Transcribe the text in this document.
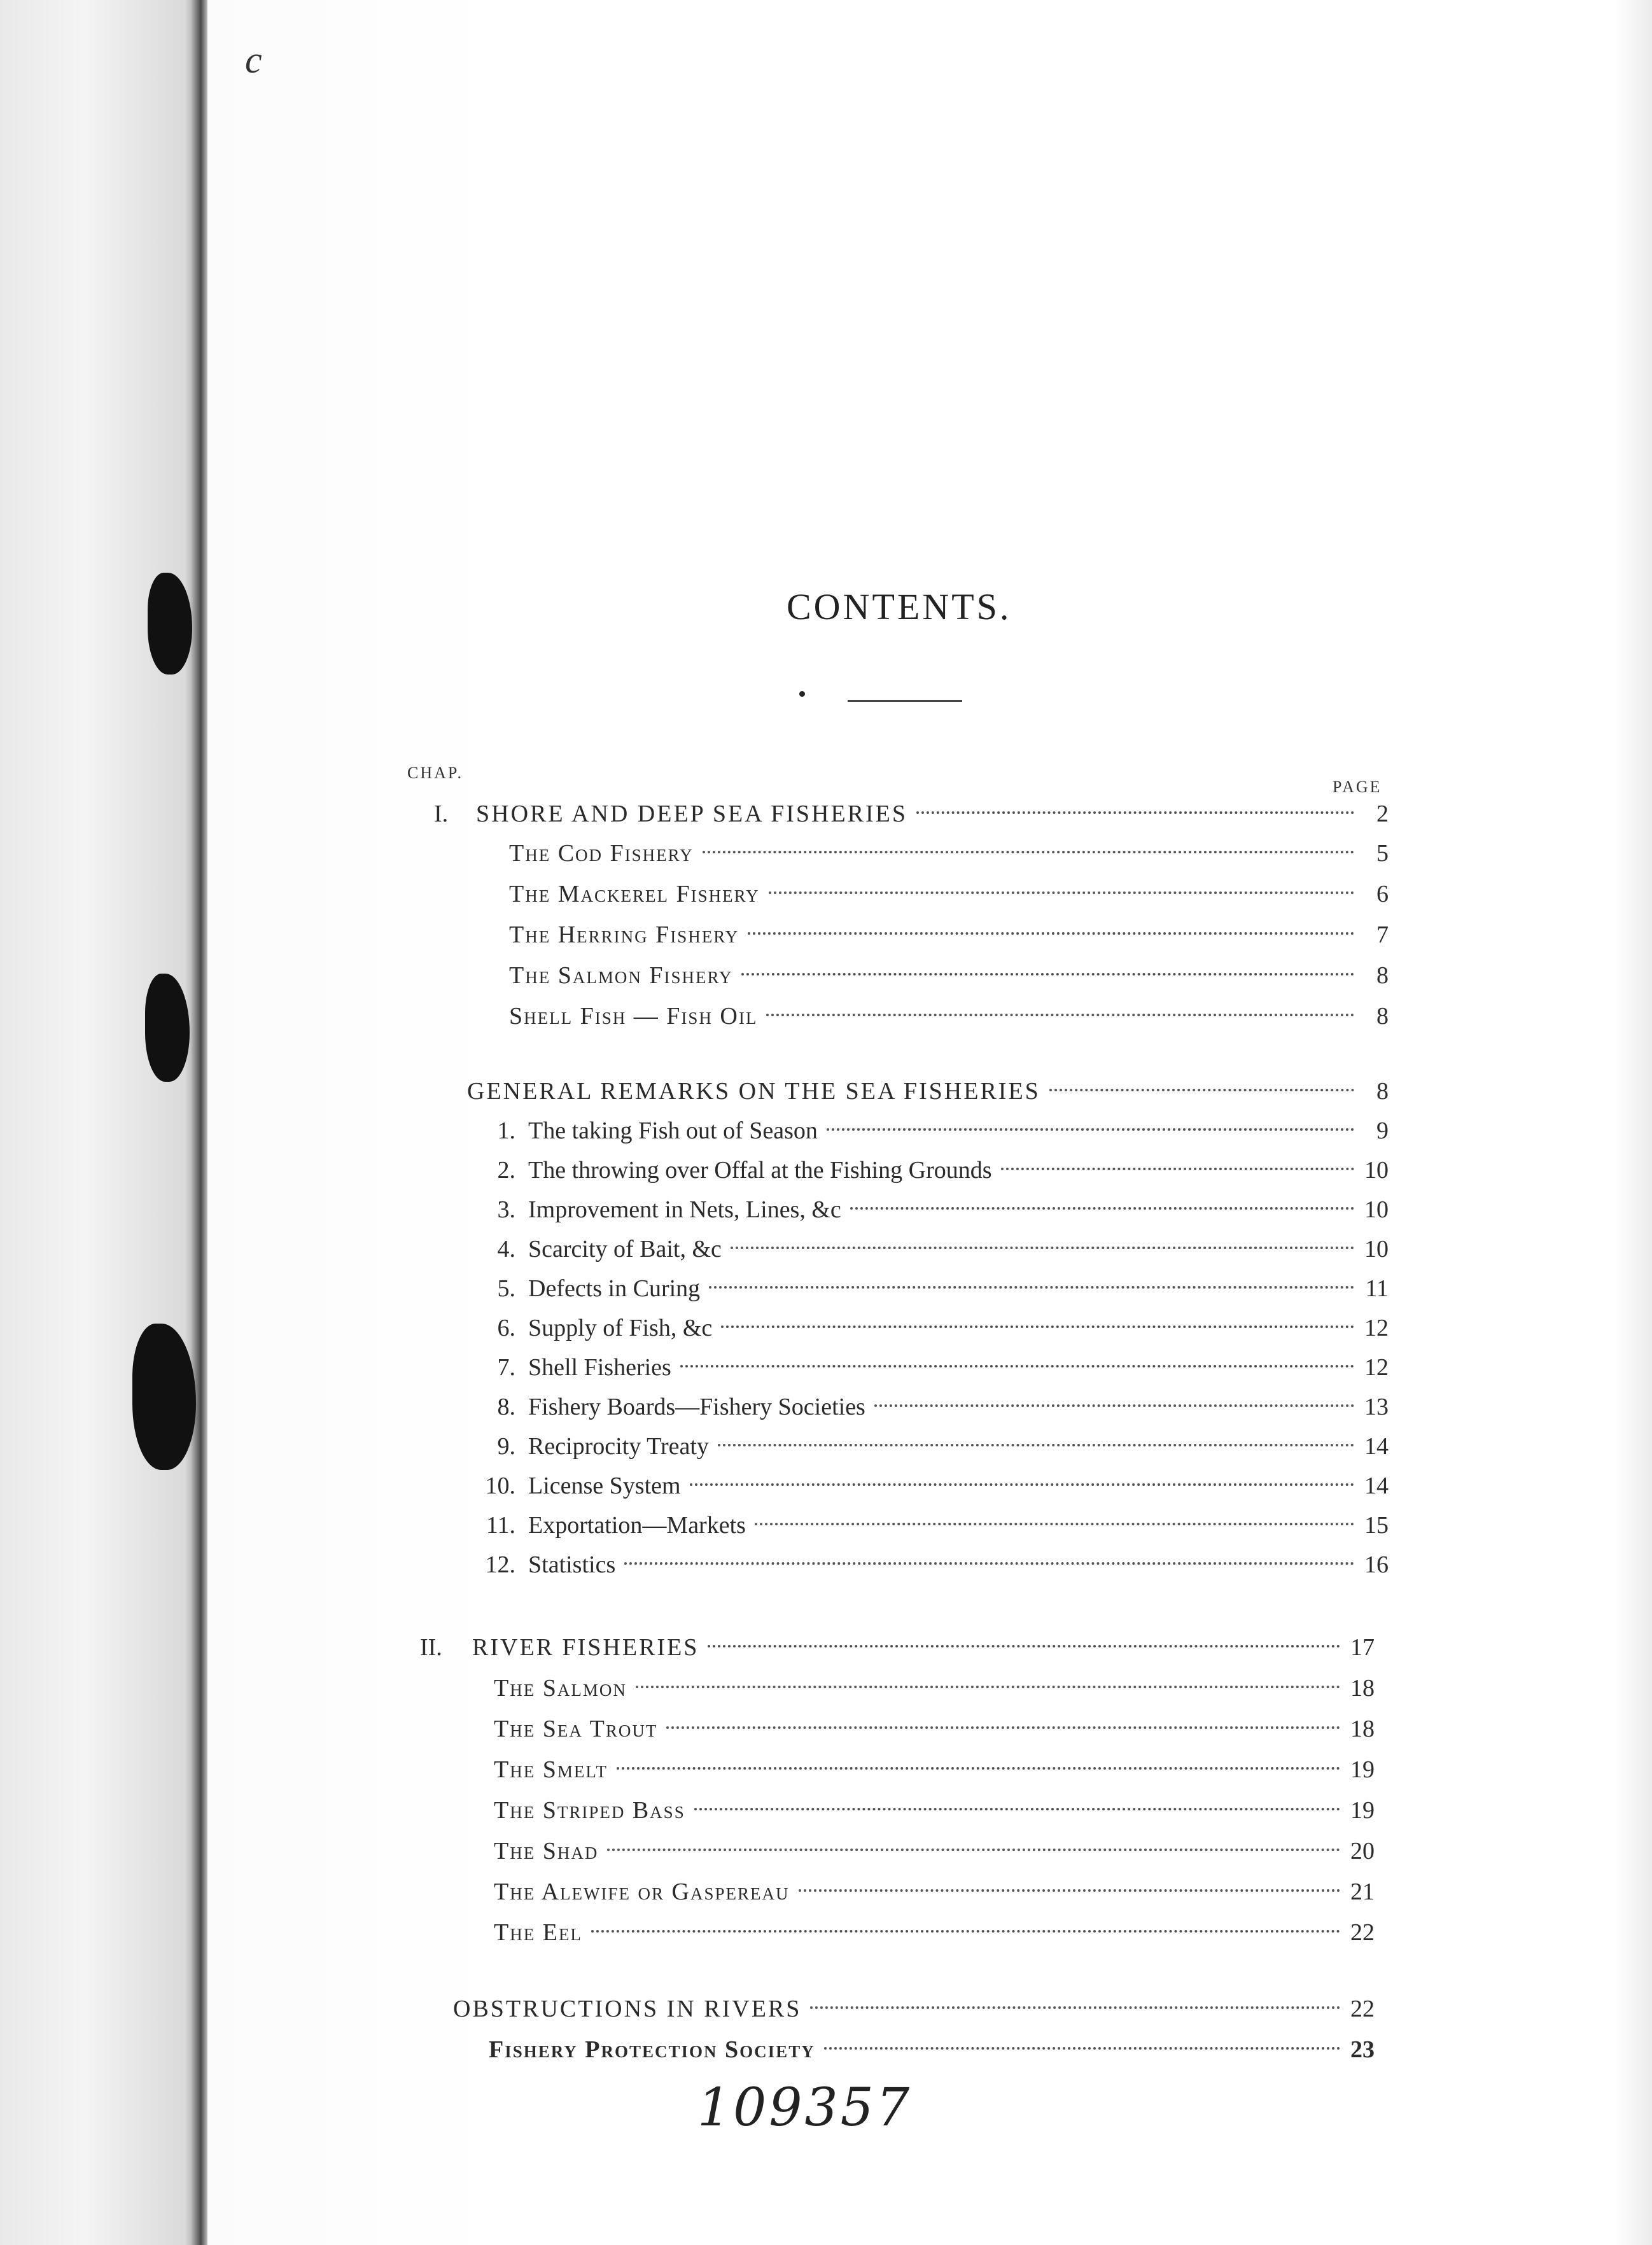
c
CONTENTS.
CHAP.
PAGE
I.	SHORE AND DEEP SEA FISHERIES	2
The Cod Fishery	5
The Mackerel Fishery	6
The Herring Fishery	7
The Salmon Fishery	8
Shell Fish — Fish Oil	8
GENERAL REMARKS ON THE SEA FISHERIES	8
1. The taking Fish out of Season	9
2. The throwing over Offal at the Fishing Grounds	10
3. Improvement in Nets, Lines, &c	10
4. Scarcity of Bait, &c	10
5. Defects in Curing	11
6. Supply of Fish, &c	12
7. Shell Fisheries	12
8. Fishery Boards—Fishery Societies	13
9. Reciprocity Treaty	14
10. License System	14
11. Exportation—Markets	15
12. Statistics	16
II.	RIVER FISHERIES	17
The Salmon	18
The Sea Trout	18
The Smelt	19
The Striped Bass	19
The Shad	20
The Alewife or Gaspereau	21
The Eel	22
OBSTRUCTIONS IN RIVERS	22
Fishery Protection Society	23
109357
